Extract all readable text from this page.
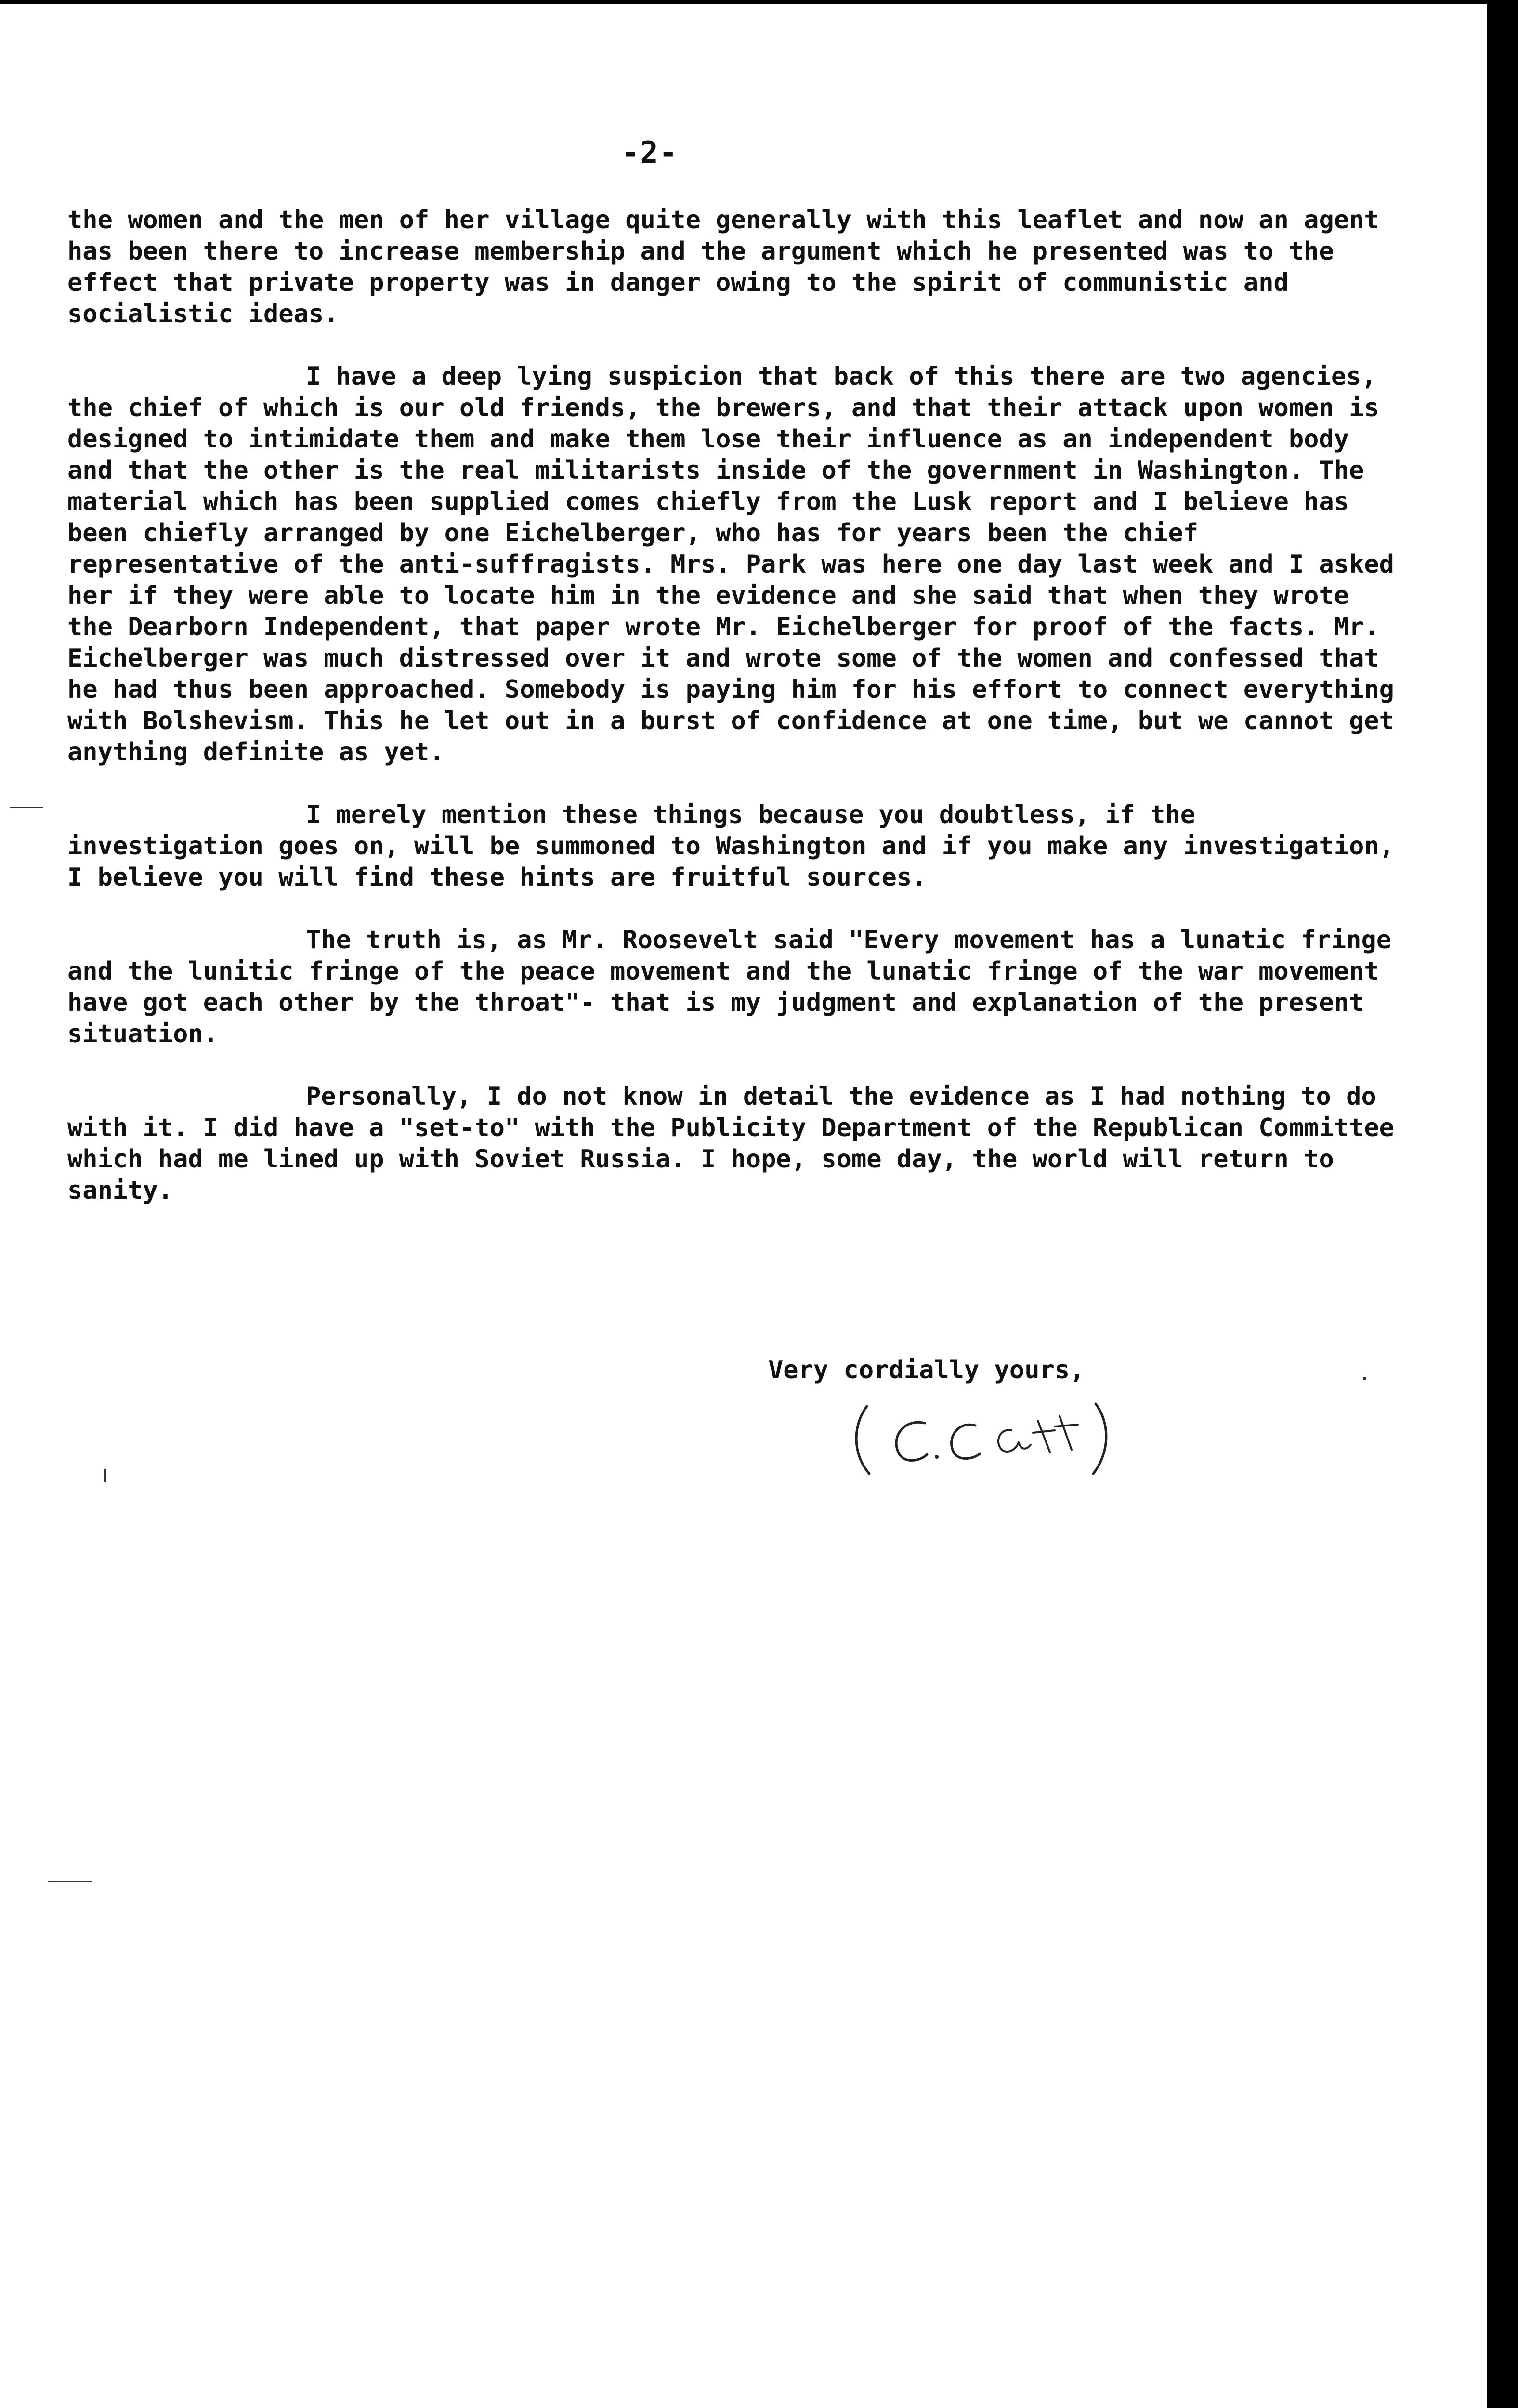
-2-

the women and the men of her village quite generally with this leaflet and now an agent has been there to increase membership and the argument which he presented was to the effect that private property was in danger owing to the spirit of communistic and socialistic ideas.

I have a deep lying suspicion that back of this there are two agencies, the chief of which is our old friends, the brewers, and that their attack upon women is designed to intimidate them and make them lose their influence as an independent body and that the other is the real militarists inside of the government in Washington. The material which has been supplied comes chiefly from the Lusk report and I believe has been chiefly arranged by one Eichelberger, who has for years been the chief representative of the anti-suffragists. Mrs. Park was here one day last week and I asked her if they were able to locate him in the evidence and she said that when they wrote the Dearborn Independent, that paper wrote Mr. Eichelberger for proof of the facts. Mr. Eichelberger was much distressed over it and wrote some of the women and confessed that he had thus been approached. Somebody is paying him for his effort to connect everything with Bolshevism. This he let out in a burst of confidence at one time, but we cannot get anything definite as yet.

I merely mention these things because you doubtless, if the investigation goes on, will be summoned to Washington and if you make any investigation, I believe you will find these hints are fruitful sources.

The truth is, as Mr. Roosevelt said "Every movement has a lunatic fringe and the lunitic fringe of the peace movement and the lunatic fringe of the war movement have got each other by the throat"- that is my judgment and explanation of the present situation.

Personally, I do not know in detail the evidence as I had nothing to do with it. I did have a "set-to" with the Publicity Department of the Republican Committee which had me lined up with Soviet Russia. I hope, some day, the world will return to sanity.

Very cordially yours,
